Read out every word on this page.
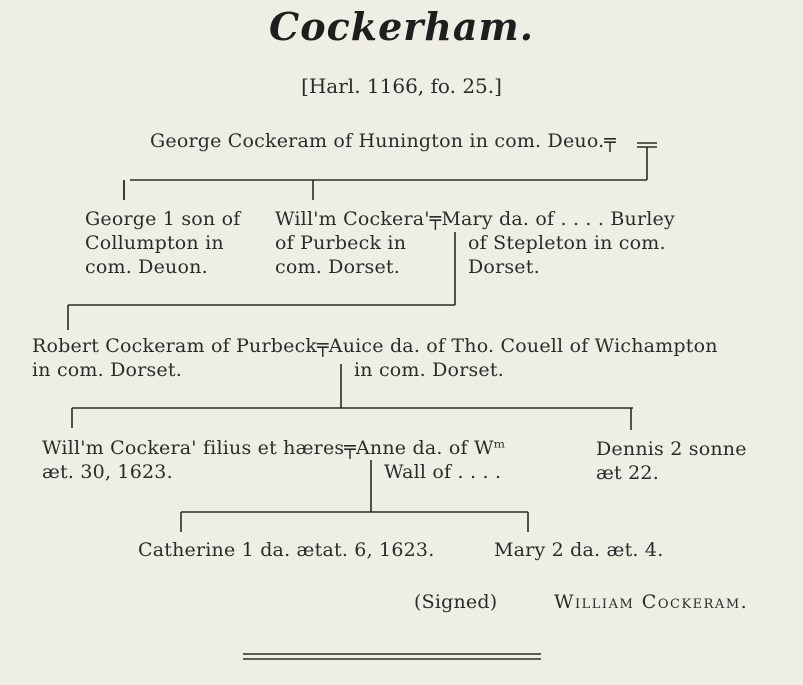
Cockerham.
[Harl. 1166, fo. 25.]
George Cockeram of Hunington in com. Deuo.╤
George 1 son of
Collumpton in
com. Deuon.
Will'm Cockera'╤Mary da. of . . . . Burley
of Purbeck in
com. Dorset.
of Stepleton in com.
Dorset.
Robert Cockeram of Purbeck╤Auice da. of Tho. Couell of Wichampton
in com. Dorset.	in com. Dorset.
Will'm Cockera' filius et hæres╤Anne da. of Wᵐ
æt. 30, 1623.	Wall of . . . .
Dennis 2 sonne
æt 22.
Catherine 1 da. ætat. 6, 1623.	Mary 2 da. æt. 4.
(Signed)	William Cockeram.
